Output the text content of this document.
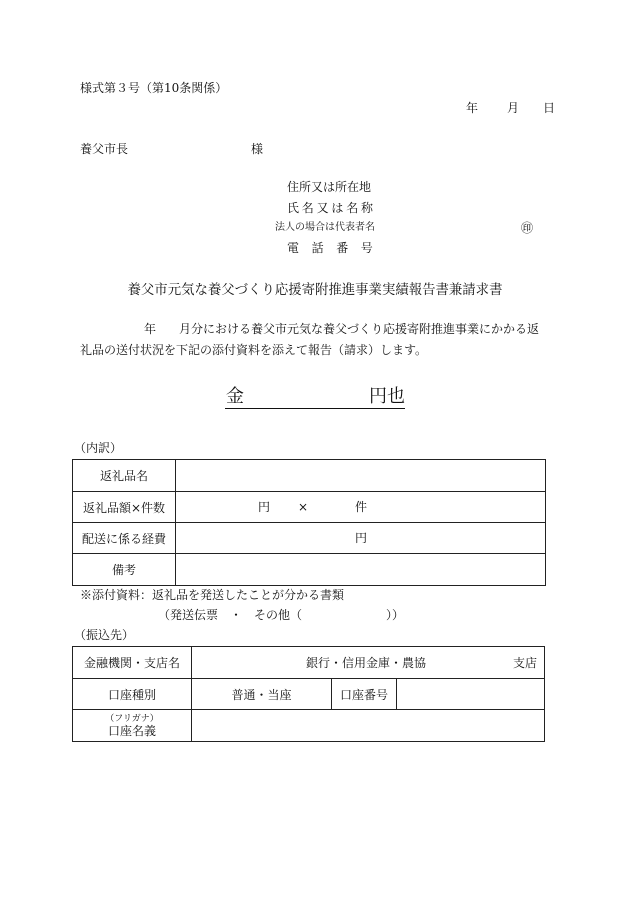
様式第３号（第10条関係）
年 月 日
養父市長	様
住所又は所在地
氏名又は名称
法人の場合は代表者名	㊞
電話番号
養父市元気な養父づくり応援寄附推進事業実績報告書兼請求書
年 月分における養父市元気な養父づくり応援寄附推進事業にかかる返
礼品の送付状況を下記の添付資料を添えて報告（請求）します。
金	円也
（内訳）
返礼品名	
返礼品額×件数	円 × 件

配送に係る経費	円

備考	
※添付資料：返礼品を発送したことが分かる書類
（発送伝票　・　その他（　　　　　　　））
（振込先）
金融機関・支店名	銀行・信用金庫・農協 支店		

口座種別	普通・当座	口座番号	

（フリガナ）
口座名義			
